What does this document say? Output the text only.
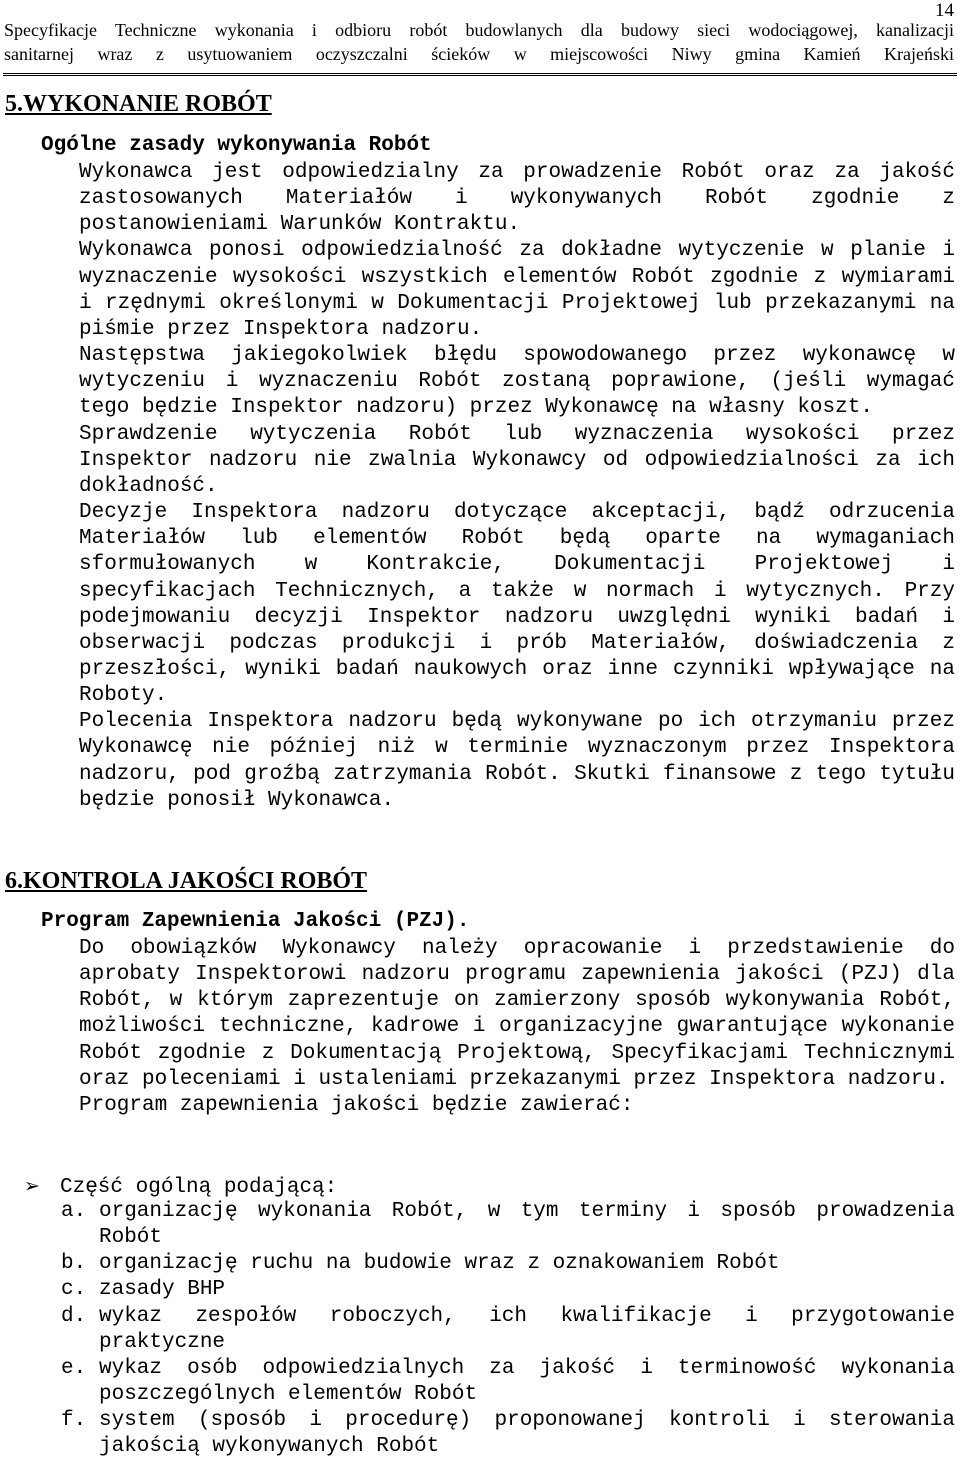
14
Specyfikacje Techniczne wykonania i odbioru robót budowlanych dla budowy sieci wodociągowej, kanalizacji
sanitarnej wraz z usytuowaniem oczyszczalni ścieków w miejscowości Niwy gmina Kamień Krajeński
5.WYKONANIE ROBÓT
Ogólne zasady wykonywania Robót

Wykonawca jest odpowiedzialny za prowadzenie Robót oraz za jakość zastosowanych Materiałów i wykonywanych Robót zgodnie z postanowieniami Warunków Kontraktu.

Wykonawca ponosi odpowiedzialność za dokładne wytyczenie w planie i wyznaczenie wysokości wszystkich elementów Robót zgodnie z wymiarami i rzędnymi określonymi w Dokumentacji Projektowej lub przekazanymi na piśmie przez Inspektora nadzoru.

Następstwa jakiegokolwiek błędu spowodowanego przez wykonawcę w wytyczeniu i wyznaczeniu Robót zostaną poprawione, (jeśli wymagać tego będzie Inspektor nadzoru) przez Wykonawcę na własny koszt.

Sprawdzenie wytyczenia Robót lub wyznaczenia wysokości przez Inspektor nadzoru nie zwalnia Wykonawcy od odpowiedzialności za ich dokładność.

Decyzje Inspektora nadzoru dotyczące akceptacji, bądź odrzucenia Materiałów lub elementów Robót będą oparte na wymaganiach sformułowanych w Kontrakcie, Dokumentacji Projektowej i specyfikacjach Technicznych, a także w normach i wytycznych. Przy podejmowaniu decyzji Inspektor nadzoru uwzględni wyniki badań i obserwacji podczas produkcji i prób Materiałów, doświadczenia z przeszłości, wyniki badań naukowych oraz inne czynniki wpływające na Roboty.

Polecenia Inspektora nadzoru będą wykonywane po ich otrzymaniu przez Wykonawcę nie później niż w terminie wyznaczonym przez Inspektora nadzoru, pod groźbą zatrzymania Robót. Skutki finansowe z tego tytułu będzie ponosił Wykonawca.

6.KONTROLA JAKOŚCI ROBÓT
Program Zapewnienia Jakości (PZJ).

Do obowiązków Wykonawcy należy opracowanie i przedstawienie do aprobaty Inspektorowi nadzoru programu zapewnienia jakości (PZJ) dla Robót, w którym zaprezentuje on zamierzony sposób wykonywania Robót, możliwości techniczne, kadrowe i organizacyjne gwarantujące wykonanie Robót zgodnie z Dokumentacją Projektową, Specyfikacjami Technicznymi oraz poleceniami i ustaleniami przekazanymi przez Inspektora nadzoru.

Program zapewnienia jakości będzie zawierać:

➢ Część ogólną podającą:
a. organizację wykonania Robót, w tym terminy i sposób prowadzenia Robót
b. organizację ruchu na budowie wraz z oznakowaniem Robót
c. zasady BHP
d. wykaz zespołów roboczych, ich kwalifikacje i przygotowanie praktyczne
e. wykaz osób odpowiedzialnych za jakość i terminowość wykonania poszczególnych elementów Robót
f. system (sposób i procedurę) proponowanej kontroli i sterowania jakością wykonywanych Robót
